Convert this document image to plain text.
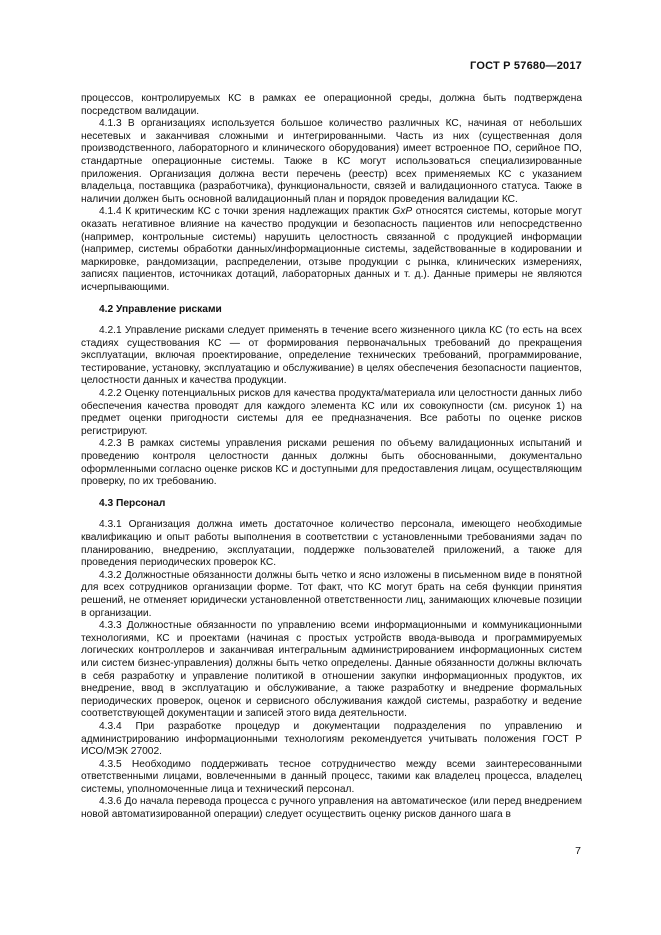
ГОСТ Р 57680—2017

процессов, контролируемых КС в рамках ее операционной среды, должна быть подтверждена посредством валидации.

4.1.3 В организациях используется большое количество различных КС, начиная от небольших несетевых и заканчивая сложными и интегрированными. Часть из них (существенная доля производственного, лабораторного и клинического оборудования) имеет встроенное ПО, серийное ПО, стандартные операционные системы. Также в КС могут использоваться специализированные приложения. Организация должна вести перечень (реестр) всех применяемых КС с указанием владельца, поставщика (разработчика), функциональности, связей и валидационного статуса. Также в наличии должен быть основной валидационный план и порядок проведения валидации КС.

4.1.4 К критическим КС с точки зрения надлежащих практик GxP относятся системы, которые могут оказать негативное влияние на качество продукции и безопасность пациентов или непосредственно (например, контрольные системы) нарушить целостность связанной с продукцией информации (например, системы обработки данных/информационные системы, задействованные в кодировании и маркировке, рандомизации, распределении, отзыве продукции с рынка, клинических измерениях, записях пациентов, источниках дотаций, лабораторных данных и т. д.). Данные примеры не являются исчерпывающими.

4.2 Управление рисками

4.2.1 Управление рисками следует применять в течение всего жизненного цикла КС (то есть на всех стадиях существования КС — от формирования первоначальных требований до прекращения эксплуатации, включая проектирование, определение технических требований, программирование, тестирование, установку, эксплуатацию и обслуживание) в целях обеспечения безопасности пациентов, целостности данных и качества продукции.

4.2.2 Оценку потенциальных рисков для качества продукта/материала или целостности данных либо обеспечения качества проводят для каждого элемента КС или их совокупности (см. рисунок 1) на предмет оценки пригодности системы для ее предназначения. Все работы по оценке рисков регистрируют.

4.2.3 В рамках системы управления рисками решения по объему валидационных испытаний и проведению контроля целостности данных должны быть обоснованными, документально оформленными согласно оценке рисков КС и доступными для предоставления лицам, осуществляющим проверку, по их требованию.

4.3 Персонал

4.3.1 Организация должна иметь достаточное количество персонала, имеющего необходимые квалификацию и опыт работы выполнения в соответствии с установленными требованиями задач по планированию, внедрению, эксплуатации, поддержке пользователей приложений, а также для проведения периодических проверок КС.

4.3.2 Должностные обязанности должны быть четко и ясно изложены в письменном виде в понятной для всех сотрудников организации форме. Тот факт, что КС могут брать на себя функции принятия решений, не отменяет юридически установленной ответственности лиц, занимающих ключевые позиции в организации.

4.3.3 Должностные обязанности по управлению всеми информационными и коммуникационными технологиями, КС и проектами (начиная с простых устройств ввода-вывода и программируемых логических контроллеров и заканчивая интегральным администрированием информационных систем или систем бизнес-управления) должны быть четко определены. Данные обязанности должны включать в себя разработку и управление политикой в отношении закупки информационных продуктов, их внедрение, ввод в эксплуатацию и обслуживание, а также разработку и внедрение формальных периодических проверок, оценок и сервисного обслуживания каждой системы, разработку и ведение соответствующей документации и записей этого вида деятельности.

4.3.4 При разработке процедур и документации подразделения по управлению и администрированию информационными технологиям рекомендуется учитывать положения ГОСТ Р ИСО/МЭК 27002.

4.3.5 Необходимо поддерживать тесное сотрудничество между всеми заинтересованными ответственными лицами, вовлеченными в данный процесс, такими как владелец процесса, владелец системы, уполномоченные лица и технический персонал.

4.3.6 До начала перевода процесса с ручного управления на автоматическое (или перед внедрением новой автоматизированной операции) следует осуществить оценку рисков данного шага в

7
